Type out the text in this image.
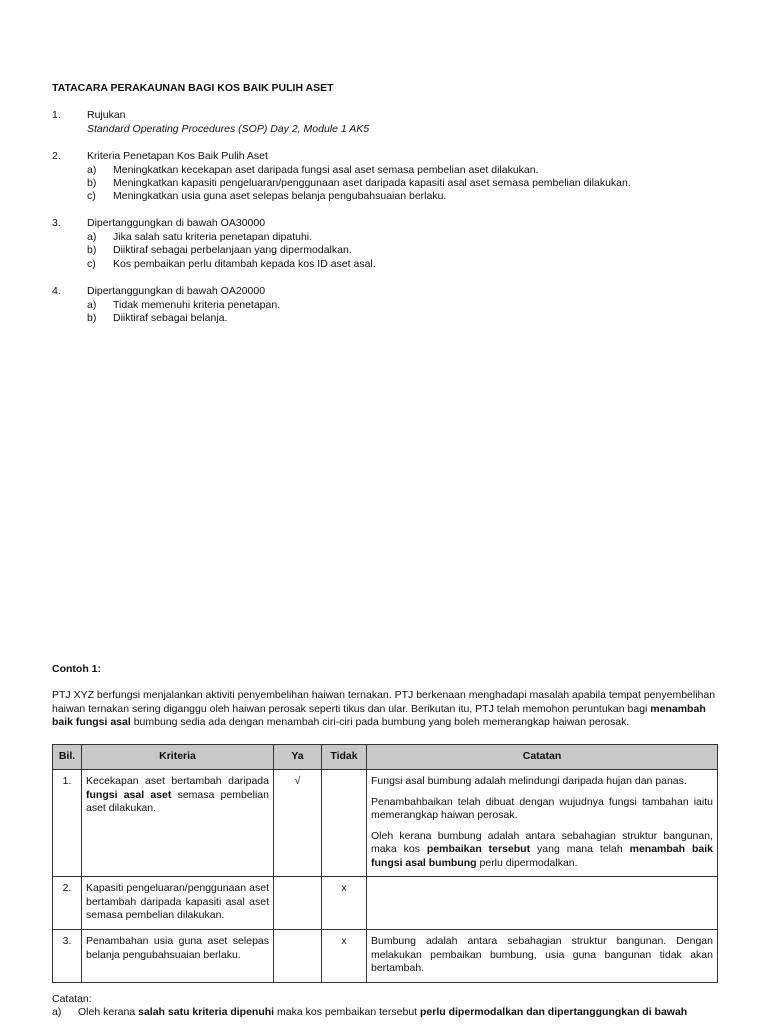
TATACARA PERAKAUNAN BAGI KOS BAIK PULIH ASET
1. Rujukan
Standard Operating Procedures (SOP) Day 2, Module 1 AK5
2. Kriteria Penetapan Kos Baik Pulih Aset
a) Meningkatkan kecekapan aset daripada fungsi asal aset semasa pembelian aset dilakukan.
b) Meningkatkan kapasiti pengeluaran/penggunaan aset daripada kapasiti asal aset semasa pembelian dilakukan.
c) Meningkatkan usia guna aset selepas belanja pengubahsuaian berlaku.
3. Dipertanggungkan di bawah OA30000
a) Jika salah satu kriteria penetapan dipatuhi.
b) Diiktiraf sebagai perbelanjaan yang dipermodalkan.
c) Kos pembaikan perlu ditambah kepada kos ID aset asal.
4. Dipertanggungkan di bawah OA20000
a) Tidak memenuhi kriteria penetapan.
b) Diiktiraf sebagai belanja.
Contoh 1:
PTJ XYZ berfungsi menjalankan aktiviti penyembelihan haiwan ternakan. PTJ berkenaan menghadapi masalah apabila tempat penyembelihan haiwan ternakan sering diganggu oleh haiwan perosak seperti tikus dan ular. Berikutan itu, PTJ telah memohon peruntukan bagi menambah baik fungsi asal bumbung sedia ada dengan menambah ciri-ciri pada bumbung yang boleh memerangkap haiwan perosak.
Bil.	Kriteria	Ya	Tidak	Catatan
1.	Kecekapan aset bertambah daripada fungsi asal aset semasa pembelian aset dilakukan.	√		Fungsi asal bumbung adalah melindungi daripada hujan dan panas.

Penambahbaikan telah dibuat dengan wujudnya fungsi tambahan iaitu memerangkap haiwan perosak.

Oleh kerana bumbung adalah antara sebahagian struktur bangunan, maka kos pembaikan tersebut yang mana telah menambah baik fungsi asal bumbung perlu dipermodalkan.

2.	Kapasiti pengeluaran/penggunaan aset bertambah daripada kapasiti asal aset semasa pembelian dilakukan.		x	
3.	Penambahan usia guna aset selepas belanja pengubahsuaian berlaku.		x	Bumbung adalah antara sebahagian struktur bangunan. Dengan melakukan pembaikan bumbung, usia guna bangunan tidak akan bertambah.
Catatan:
a) Oleh kerana salah satu kriteria dipenuhi maka kos pembaikan tersebut perlu dipermodalkan dan dipertanggungkan di bawah
